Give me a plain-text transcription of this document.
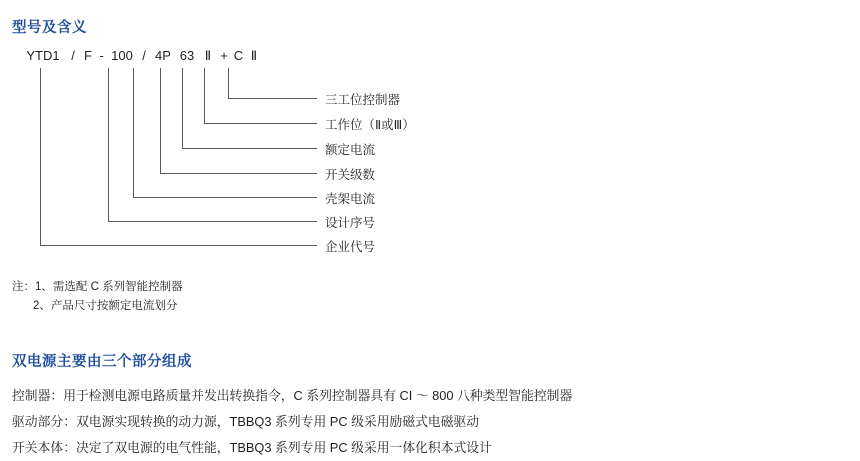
型号及含义
YTD1 / F - 100 / 4P 63 Ⅱ + C Ⅱ
三工位控制器
工作位（Ⅱ或Ⅲ）
额定电流
开关级数
壳架电流
设计序号
企业代号
注：1、需选配 C 系列智能控制器
2、产品尺寸按额定电流划分
双电源主要由三个部分组成
控制器：用于检测电源电路质量并发出转换指令，C 系列控制器具有 CI ～ 800 八种类型智能控制器
驱动部分：双电源实现转换的动力源，TBBQ3 系列专用 PC 级采用励磁式电磁驱动
开关本体：决定了双电源的电气性能，TBBQ3 系列专用 PC 级采用一体化积本式设计
